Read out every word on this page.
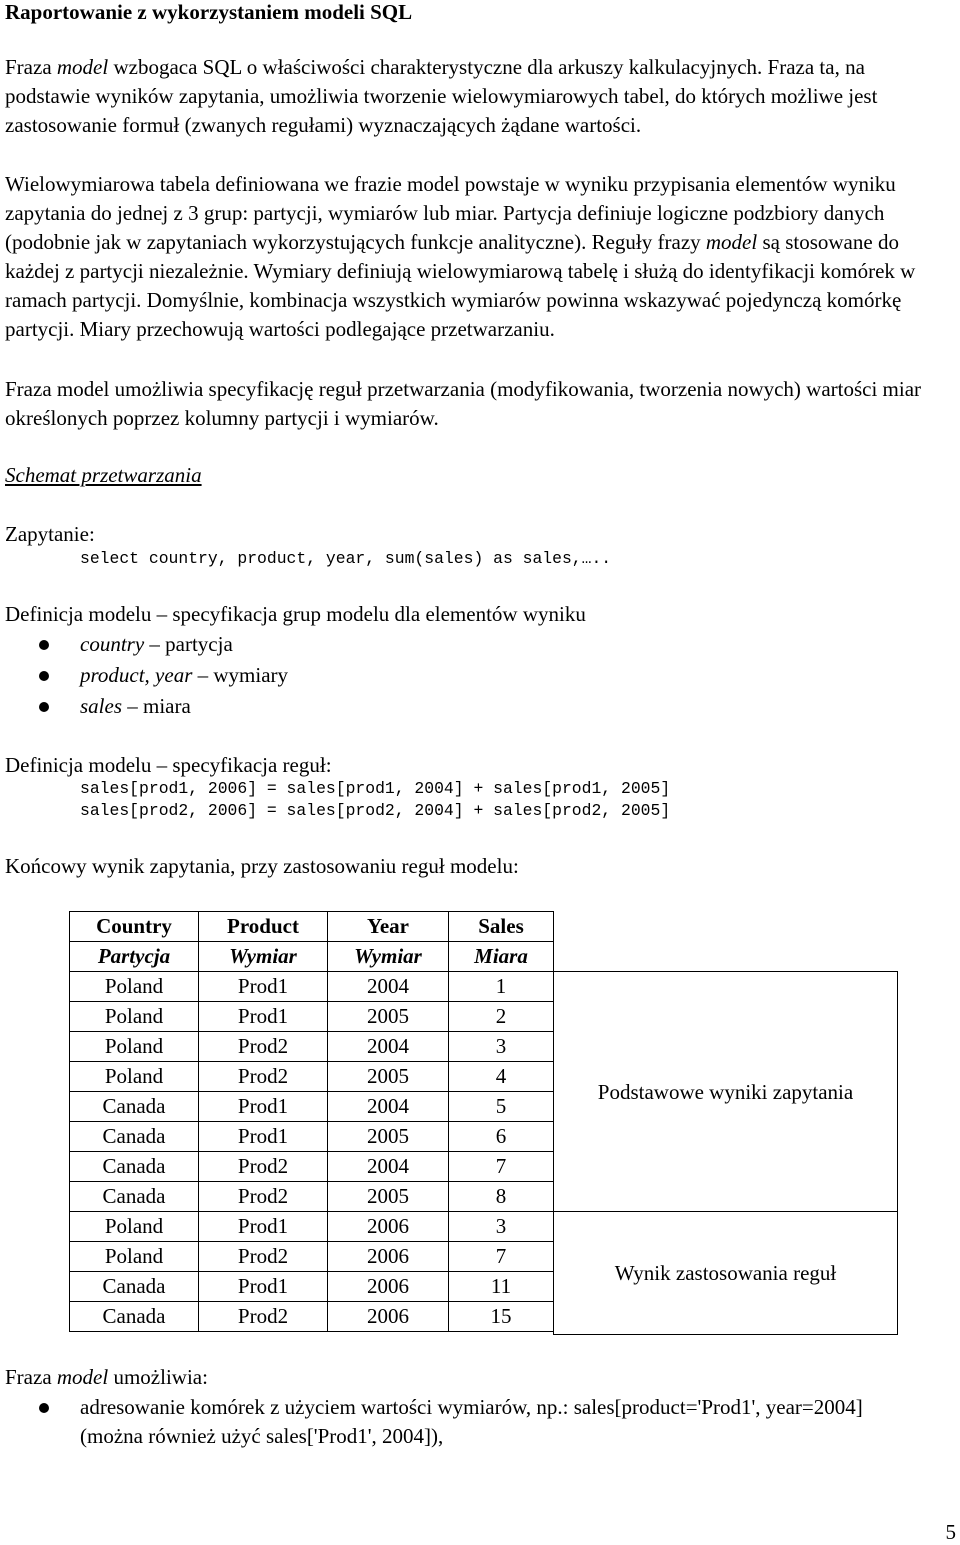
Raportowanie z wykorzystaniem modeli SQL
Fraza model wzbogaca SQL o właściwości charakterystyczne dla arkuszy kalkulacyjnych. Fraza ta, na podstawie wyników zapytania, umożliwia tworzenie wielowymiarowych tabel, do których możliwe jest zastosowanie formuł (zwanych regułami) wyznaczających żądane wartości.
Wielowymiarowa tabela definiowana we frazie model powstaje w wyniku przypisania elementów wyniku zapytania do jednej z 3 grup: partycji, wymiarów lub miar. Partycja definiuje logiczne podzbiory danych (podobnie jak w zapytaniach wykorzystujących funkcje analityczne). Reguły frazy model są stosowane do każdej z partycji niezależnie. Wymiary definiują wielowymiarową tabelę i służą do identyfikacji komórek w ramach partycji. Domyślnie, kombinacja wszystkich wymiarów powinna wskazywać pojedynczą komórkę partycji. Miary przechowują wartości podlegające przetwarzaniu.
Fraza model umożliwia specyfikację reguł przetwarzania (modyfikowania, tworzenia nowych) wartości miar określonych poprzez kolumny partycji i wymiarów.
Schemat przetwarzania
Zapytanie:
select country, product, year, sum(sales) as sales,…..
Definicja modelu – specyfikacja grup modelu dla elementów wyniku
country – partycja
product, year – wymiary
sales – miara
Definicja modelu – specyfikacja reguł:
sales[prod1, 2006] = sales[prod1, 2004] + sales[prod1, 2005]
sales[prod2, 2006] = sales[prod2, 2004] + sales[prod2, 2005]
Końcowy wynik zapytania, przy zastosowaniu reguł modelu:
Podstawowe wyniki zapytania
Wynik zastosowania reguł
Country	Product	Year	Sales
Partycja	Wymiar	Wymiar	Miara
Poland	Prod1	2004	1
Poland	Prod1	2005	2
Poland	Prod2	2004	3
Poland	Prod2	2005	4
Canada	Prod1	2004	5
Canada	Prod1	2005	6
Canada	Prod2	2004	7
Canada	Prod2	2005	8
Poland	Prod1	2006	3
Poland	Prod2	2006	7
Canada	Prod1	2006	11
Canada	Prod2	2006	15
Fraza model umożliwia:
adresowanie komórek z użyciem wartości wymiarów, np.: sales[product='Prod1', year=2004] (można również użyć sales['Prod1', 2004]),
5
